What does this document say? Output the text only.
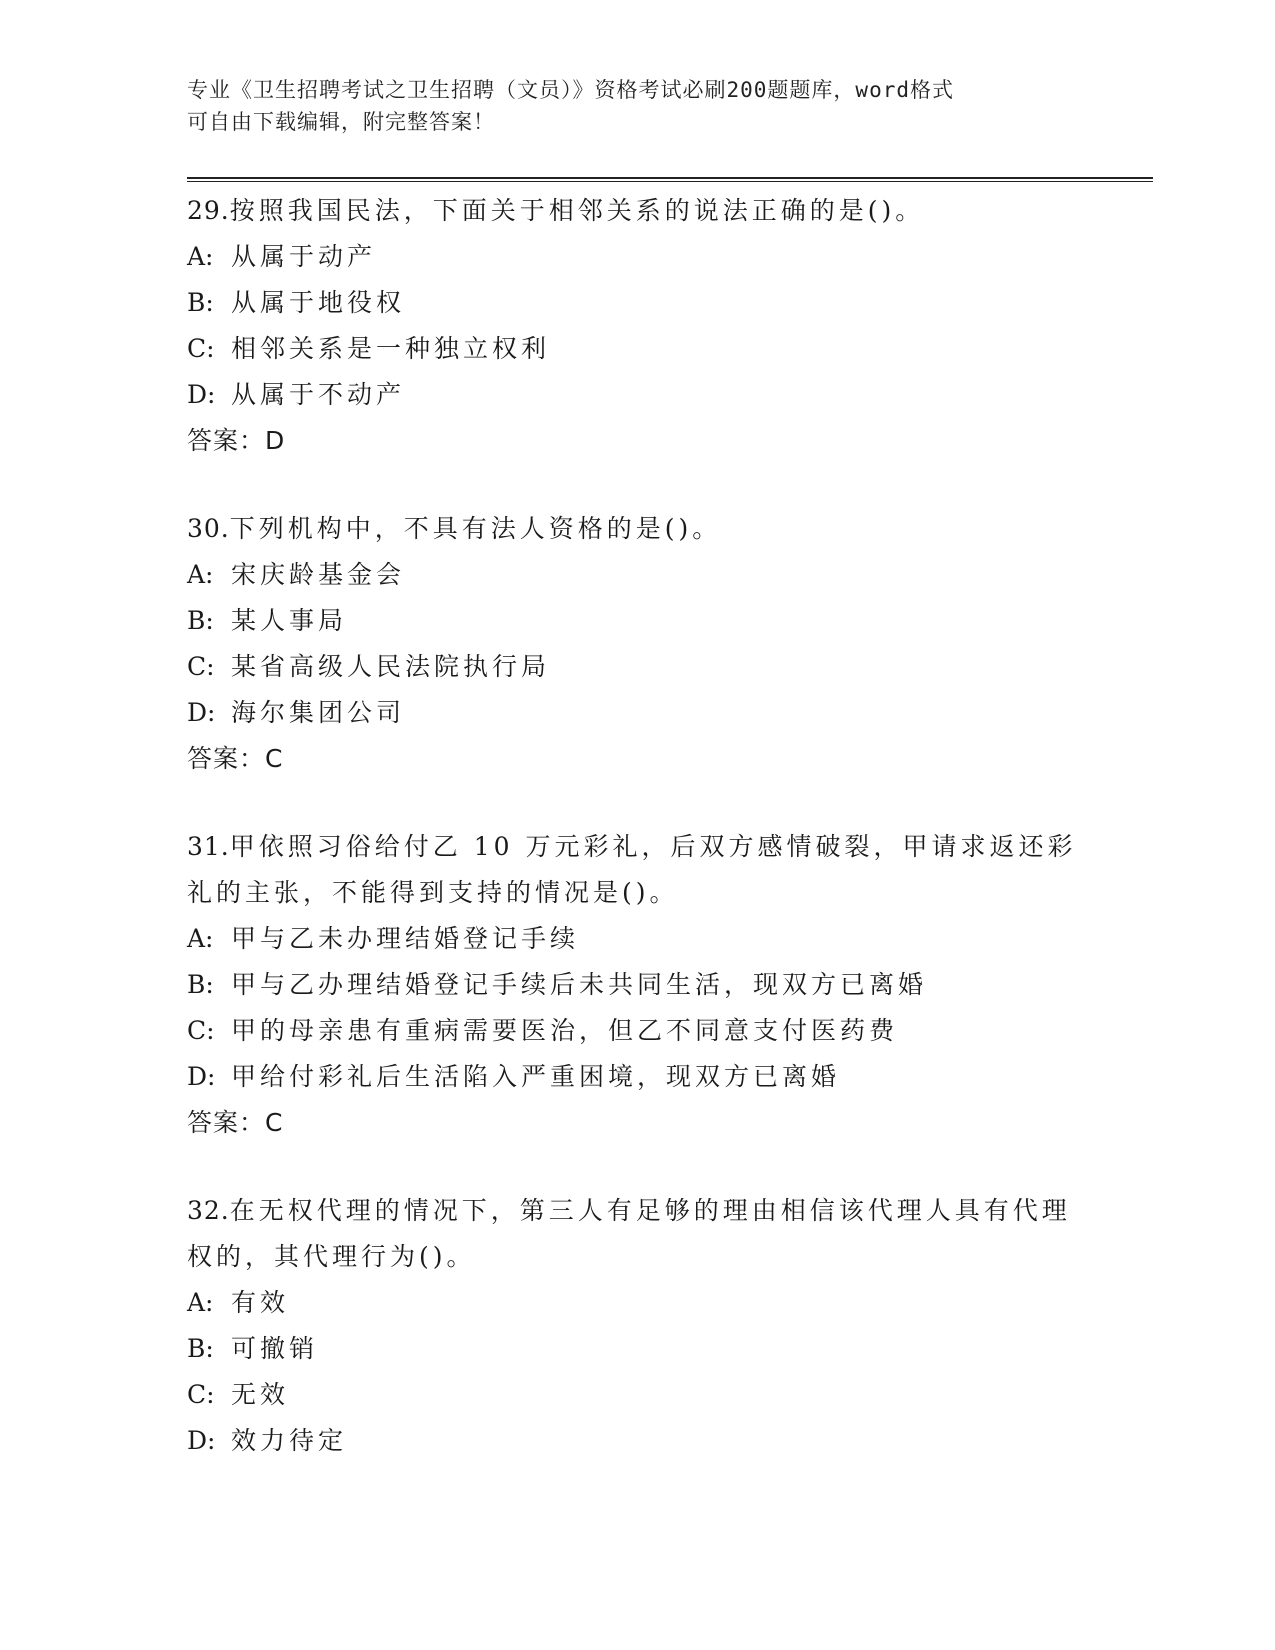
专业《卫生招聘考试之卫生招聘（文员）》资格考试必刷200题题库，word格式
可自由下载编辑，附完整答案！
29.按照我国民法，下面关于相邻关系的说法正确的是()。
A: 从属于动产
B: 从属于地役权
C: 相邻关系是一种独立权利
D: 从属于不动产
答案：D
30.下列机构中，不具有法人资格的是()。
A: 宋庆龄基金会
B: 某人事局
C: 某省高级人民法院执行局
D: 海尔集团公司
答案：C
31.甲依照习俗给付乙 10 万元彩礼，后双方感情破裂，甲请求返还彩
礼的主张，不能得到支持的情况是()。
A: 甲与乙未办理结婚登记手续
B: 甲与乙办理结婚登记手续后未共同生活，现双方已离婚
C: 甲的母亲患有重病需要医治，但乙不同意支付医药费
D: 甲给付彩礼后生活陷入严重困境，现双方已离婚
答案：C
32.在无权代理的情况下，第三人有足够的理由相信该代理人具有代理
权的，其代理行为()。
A: 有效
B: 可撤销
C: 无效
D: 效力待定
